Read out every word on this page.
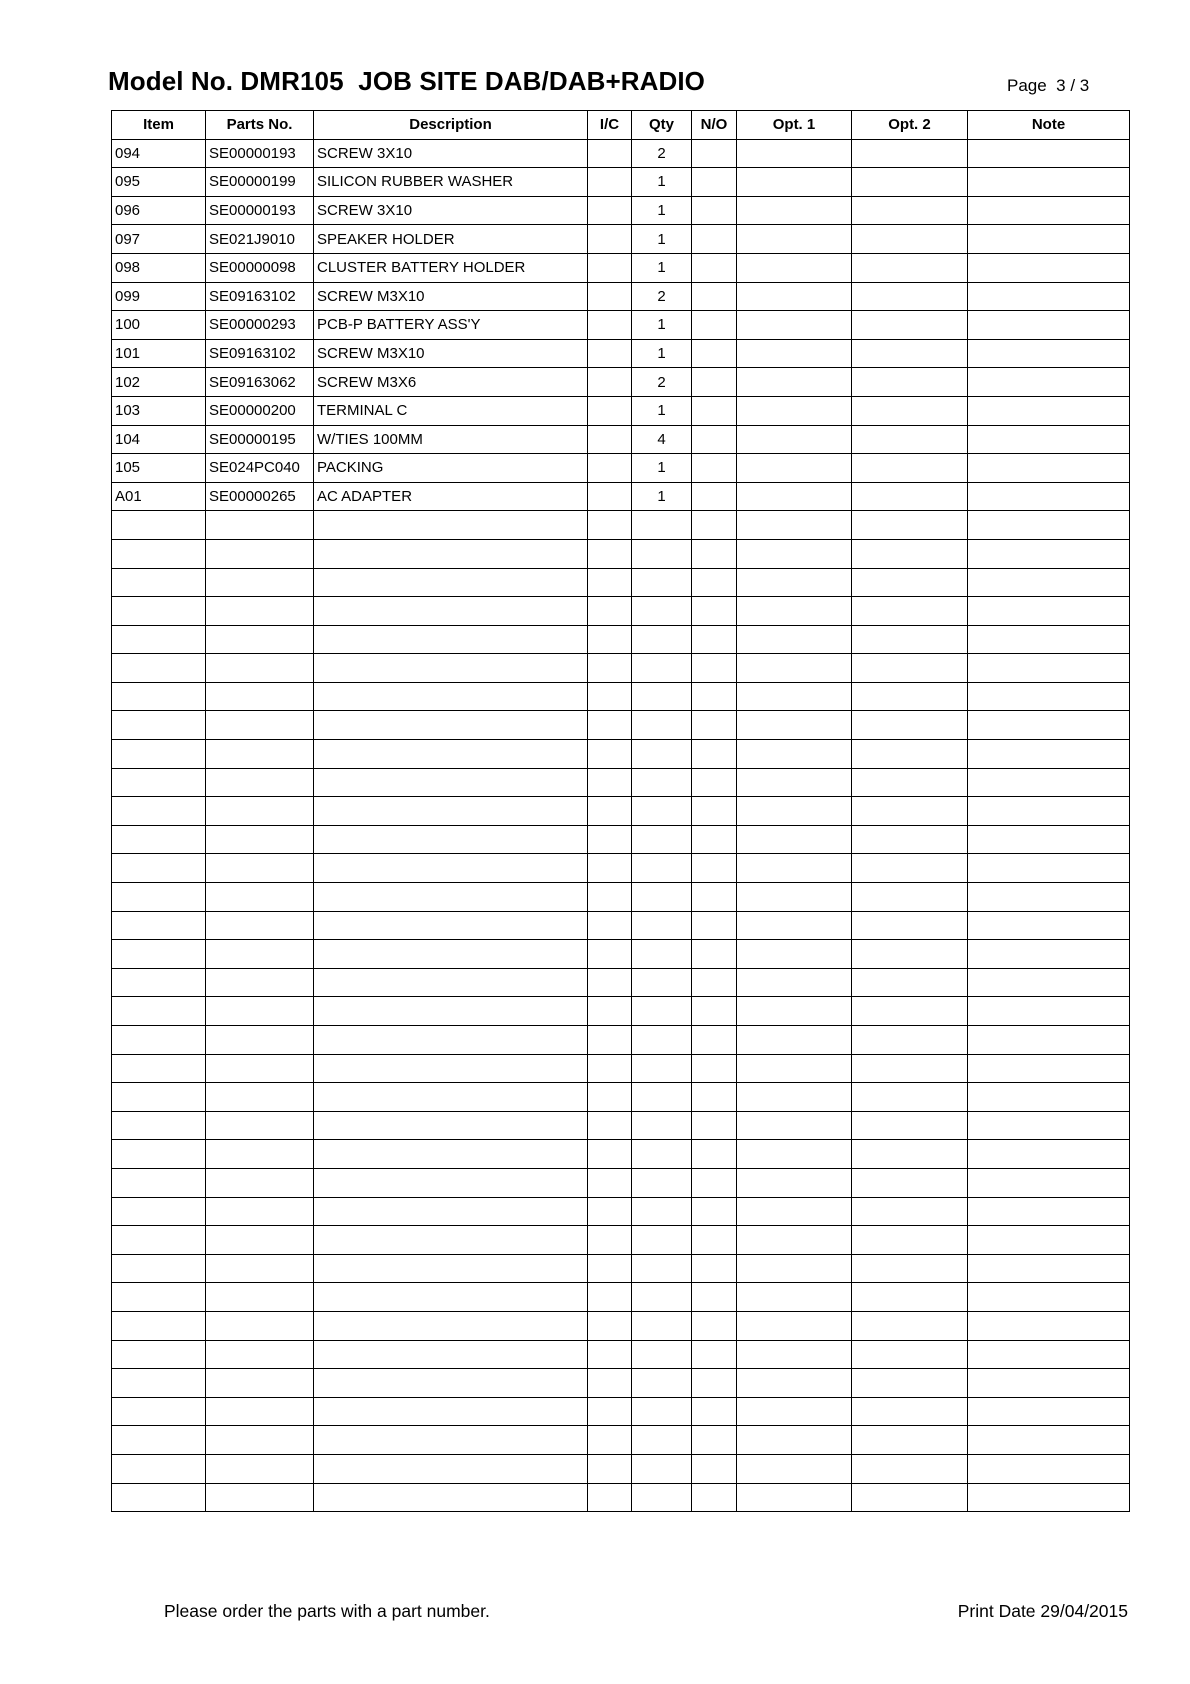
Model No. DMR105  JOB SITE DAB/DAB+RADIO	Page  3 / 3
Item	Parts No.	Description	I/C	Qty	N/O	Opt. 1	Opt. 2	Note
094	SE00000193	SCREW 3X10		2				
095	SE00000199	SILICON RUBBER WASHER		1				
096	SE00000193	SCREW 3X10		1				
097	SE021J9010	SPEAKER HOLDER		1				
098	SE00000098	CLUSTER BATTERY HOLDER		1				
099	SE09163102	SCREW M3X10		2				
100	SE00000293	PCB-P BATTERY ASS'Y		1				
101	SE09163102	SCREW M3X10		1				
102	SE09163062	SCREW M3X6		2				
103	SE00000200	TERMINAL C		1				
104	SE00000195	W/TIES 100MM		4				
105	SE024PC040	PACKING		1				
A01	SE00000265	AC ADAPTER		1				

Please order the parts with a part number.	Print Date 29/04/2015
